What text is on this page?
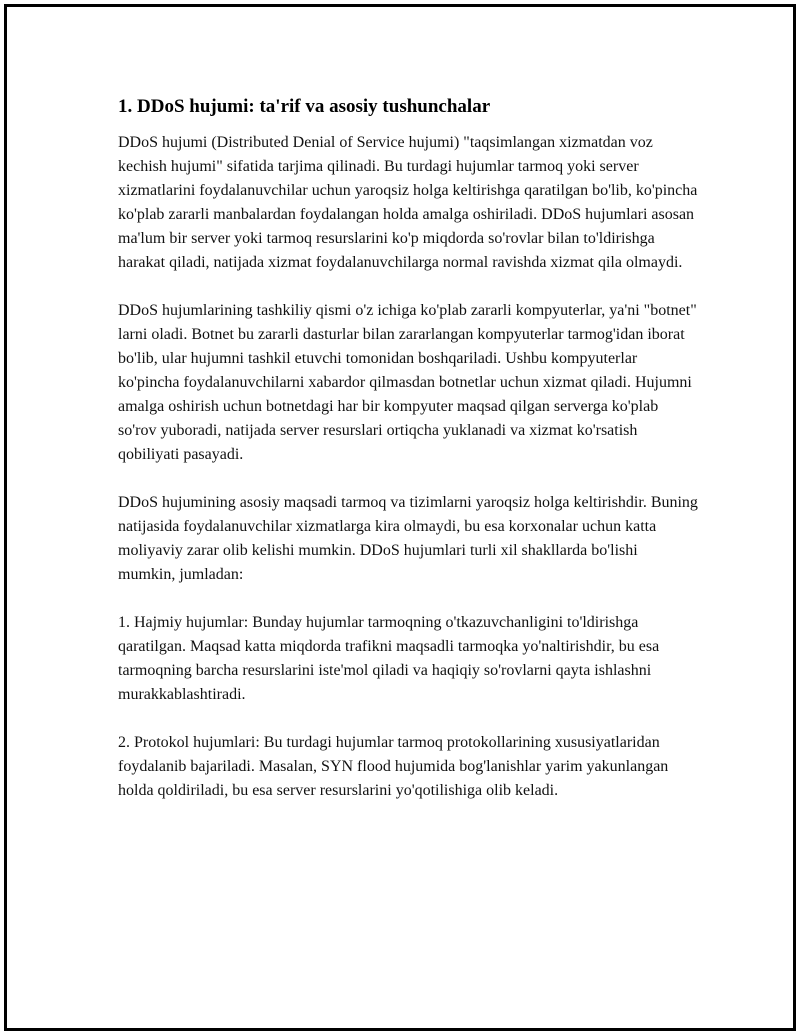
1. DDoS hujumi: ta'rif va asosiy tushunchalar

DDoS hujumi (Distributed Denial of Service hujumi) "taqsimlangan xizmatdan voz kechish hujumi" sifatida tarjima qilinadi. Bu turdagi hujumlar tarmoq yoki server xizmatlarini foydalanuvchilar uchun yaroqsiz holga keltirishga qaratilgan bo'lib, ko'pincha ko'plab zararli manbalardan foydalangan holda amalga oshiriladi. DDoS hujumlari asosan ma'lum bir server yoki tarmoq resurslarini ko'p miqdorda so'rovlar bilan to'ldirishga harakat qiladi, natijada xizmat foydalanuvchilarga normal ravishda xizmat qila olmaydi.

DDoS hujumlarining tashkiliy qismi o'z ichiga ko'plab zararli kompyuterlar, ya'ni "botnet" larni oladi. Botnet bu zararli dasturlar bilan zararlangan kompyuterlar tarmog'idan iborat bo'lib, ular hujumni tashkil etuvchi tomonidan boshqariladi. Ushbu kompyuterlar ko'pincha foydalanuvchilarni xabardor qilmasdan botnetlar uchun xizmat qiladi. Hujumni amalga oshirish uchun botnetdagi har bir kompyuter maqsad qilgan serverga ko'plab so'rov yuboradi, natijada server resurslari ortiqcha yuklanadi va xizmat ko'rsatish qobiliyati pasayadi.

DDoS hujumining asosiy maqsadi tarmoq va tizimlarni yaroqsiz holga keltirishdir. Buning natijasida foydalanuvchilar xizmatlarga kira olmaydi, bu esa korxonalar uchun katta moliyaviy zarar olib kelishi mumkin. DDoS hujumlari turli xil shakllarda bo'lishi mumkin, jumladan:

1. Hajmiy hujumlar: Bunday hujumlar tarmoqning o'tkazuvchanligini to'ldirishga qaratilgan. Maqsad katta miqdorda trafikni maqsadli tarmoqka yo'naltirishdir, bu esa tarmoqning barcha resurslarini iste'mol qiladi va haqiqiy so'rovlarni qayta ishlashni murakkablashtiradi.

2. Protokol hujumlari: Bu turdagi hujumlar tarmoq protokollarining xususiyatlaridan foydalanib bajariladi. Masalan, SYN flood hujumida bog'lanishlar yarim yakunlangan holda qoldiriladi, bu esa server resurslarini yo'qotilishiga olib keladi.
